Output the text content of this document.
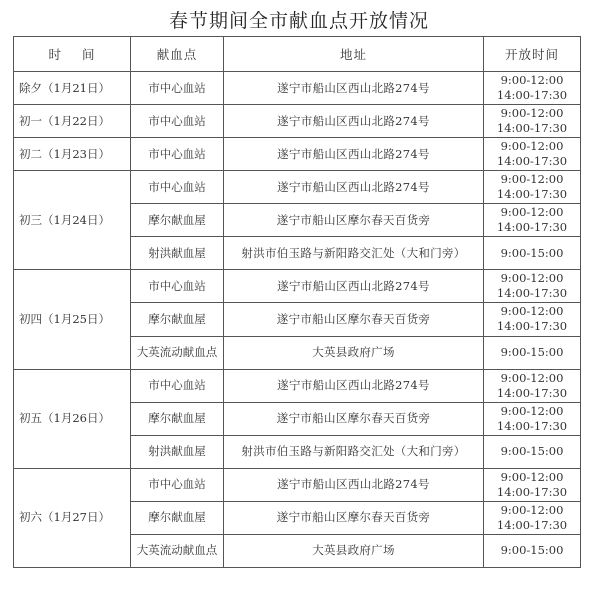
春节期间全市献血点开放情况
时    间	献血点	地址	开放时间
除夕（1月21日）	市中心血站	遂宁市船山区西山北路274号	9:00-12:00
14:00-17:30

初一（1月22日）	市中心血站	遂宁市船山区西山北路274号	9:00-12:00
14:00-17:30

初二（1月23日）	市中心血站	遂宁市船山区西山北路274号	9:00-12:00
14:00-17:30

初三（1月24日）	市中心血站	遂宁市船山区西山北路274号	9:00-12:00
14:00-17:30

	摩尔献血屋	遂宁市船山区摩尔春天百货旁	9:00-12:00
14:00-17:30

	射洪献血屋	射洪市伯玉路与新阳路交汇处（大和门旁）	9:00-15:00

初四（1月25日）	市中心血站	遂宁市船山区西山北路274号	9:00-12:00
14:00-17:30

	摩尔献血屋	遂宁市船山区摩尔春天百货旁	9:00-12:00
14:00-17:30

	大英流动献血点	大英县政府广场	9:00-15:00

初五（1月26日）	市中心血站	遂宁市船山区西山北路274号	9:00-12:00
14:00-17:30

	摩尔献血屋	遂宁市船山区摩尔春天百货旁	9:00-12:00
14:00-17:30

	射洪献血屋	射洪市伯玉路与新阳路交汇处（大和门旁）	9:00-15:00

初六（1月27日）	市中心血站	遂宁市船山区西山北路274号	9:00-12:00
14:00-17:30

	摩尔献血屋	遂宁市船山区摩尔春天百货旁	9:00-12:00
14:00-17:30

	大英流动献血点	大英县政府广场	9:00-15:00
